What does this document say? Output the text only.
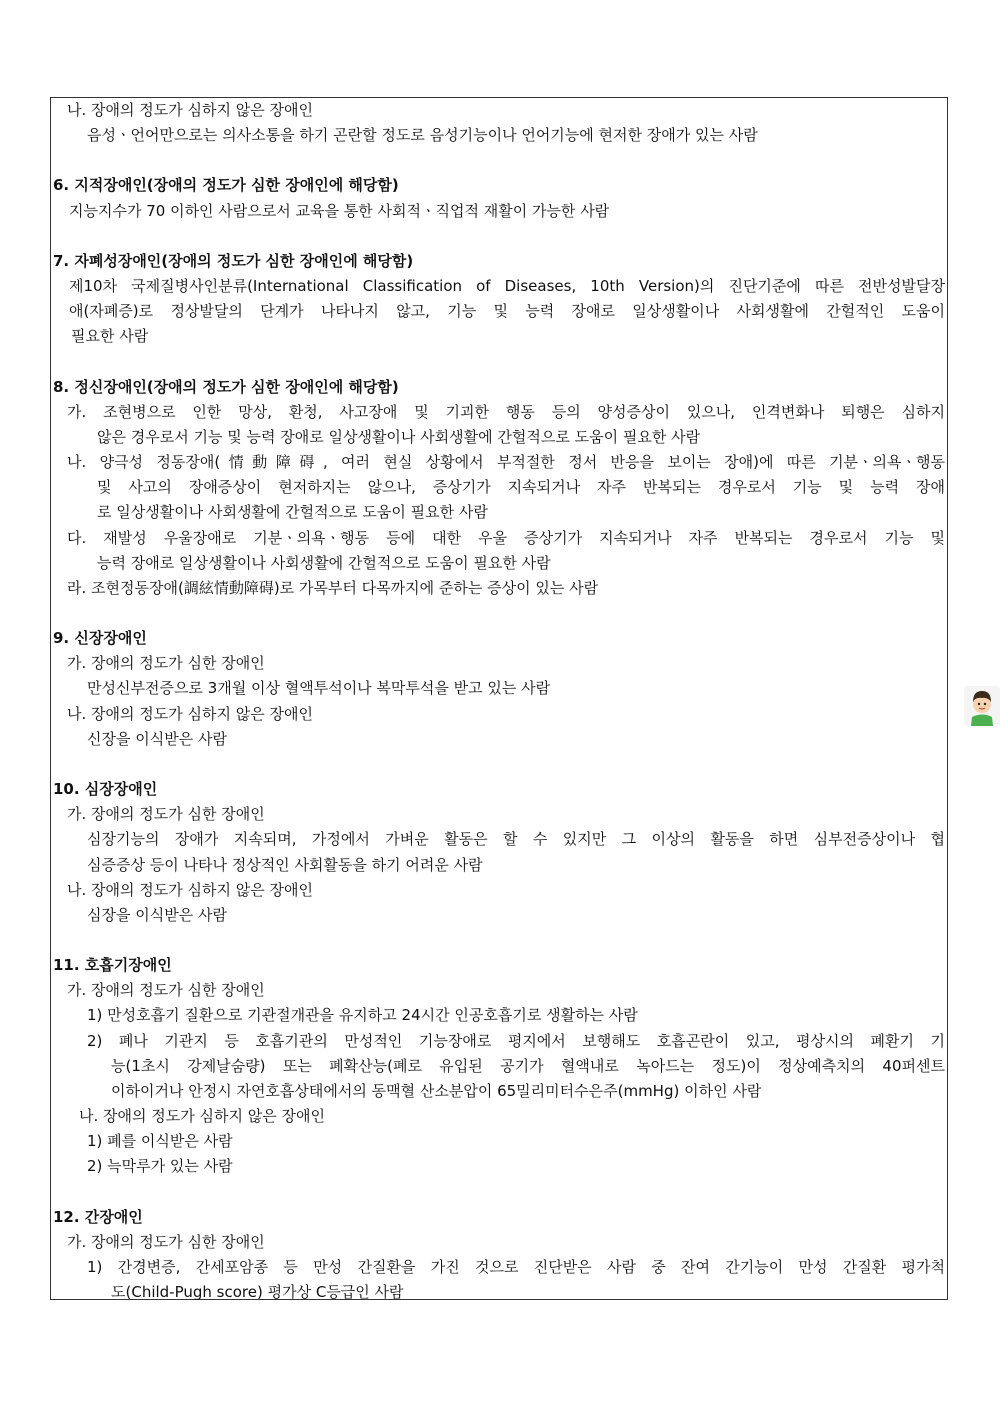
나. 장애의 정도가 심하지 않은 장애인
음성ㆍ언어만으로는 의사소통을 하기 곤란할 정도로 음성기능이나 언어기능에 현저한 장애가 있는 사람
6. 지적장애인(장애의 정도가 심한 장애인에 해당함)
지능지수가 70 이하인 사람으로서 교육을 통한 사회적ㆍ직업적 재활이 가능한 사람
7. 자폐성장애인(장애의 정도가 심한 장애인에 해당함)
제10차 국제질병사인분류(International Classification of Diseases, 10th Version)의 진단기준에 따른 전반성발달장
애(자폐증)로 정상발달의 단계가 나타나지 않고, 기능 및 능력 장애로 일상생활이나 사회생활에 간헐적인 도움이
필요한 사람
8. 정신장애인(장애의 정도가 심한 장애인에 해당함)
가. 조현병으로 인한 망상, 환청, 사고장애 및 기괴한 행동 등의 양성증상이 있으나, 인격변화나 퇴행은 심하지
않은 경우로서 기능 및 능력 장애로 일상생활이나 사회생활에 간헐적으로 도움이 필요한 사람
나. 양극성 정동장애(情動障碍, 여러 현실 상황에서 부적절한 정서 반응을 보이는 장애)에 따른 기분ㆍ의욕ㆍ행동
및 사고의 장애증상이 현저하지는 않으나, 증상기가 지속되거나 자주 반복되는 경우로서 기능 및 능력 장애
로 일상생활이나 사회생활에 간헐적으로 도움이 필요한 사람
다. 재발성 우울장애로 기분ㆍ의욕ㆍ행동 등에 대한 우울 증상기가 지속되거나 자주 반복되는 경우로서 기능 및
능력 장애로 일상생활이나 사회생활에 간헐적으로 도움이 필요한 사람
라. 조현정동장애(調絃情動障碍)로 가목부터 다목까지에 준하는 증상이 있는 사람
9. 신장장애인
가. 장애의 정도가 심한 장애인
만성신부전증으로 3개월 이상 혈액투석이나 복막투석을 받고 있는 사람
나. 장애의 정도가 심하지 않은 장애인
신장을 이식받은 사람
10. 심장장애인
가. 장애의 정도가 심한 장애인
심장기능의 장애가 지속되며, 가정에서 가벼운 활동은 할 수 있지만 그 이상의 활동을 하면 심부전증상이나 협
심증증상 등이 나타나 정상적인 사회활동을 하기 어려운 사람
나. 장애의 정도가 심하지 않은 장애인
심장을 이식받은 사람
11. 호흡기장애인
가. 장애의 정도가 심한 장애인
1) 만성호흡기 질환으로 기관절개관을 유지하고 24시간 인공호흡기로 생활하는 사람
2) 폐나 기관지 등 호흡기관의 만성적인 기능장애로 평지에서 보행해도 호흡곤란이 있고, 평상시의 폐환기 기
능(1초시 강제날숨량) 또는 폐확산능(폐로 유입된 공기가 혈액내로 녹아드는 정도)이 정상예측치의 40퍼센트
이하이거나 안정시 자연호흡상태에서의 동맥혈 산소분압이 65밀리미터수은주(mmHg) 이하인 사람
나. 장애의 정도가 심하지 않은 장애인
1) 폐를 이식받은 사람
2) 늑막루가 있는 사람
12. 간장애인
가. 장애의 정도가 심한 장애인
1) 간경변증, 간세포암종 등 만성 간질환을 가진 것으로 진단받은 사람 중 잔여 간기능이 만성 간질환 평가척
도(Child-Pugh score) 평가상 C등급인 사람
